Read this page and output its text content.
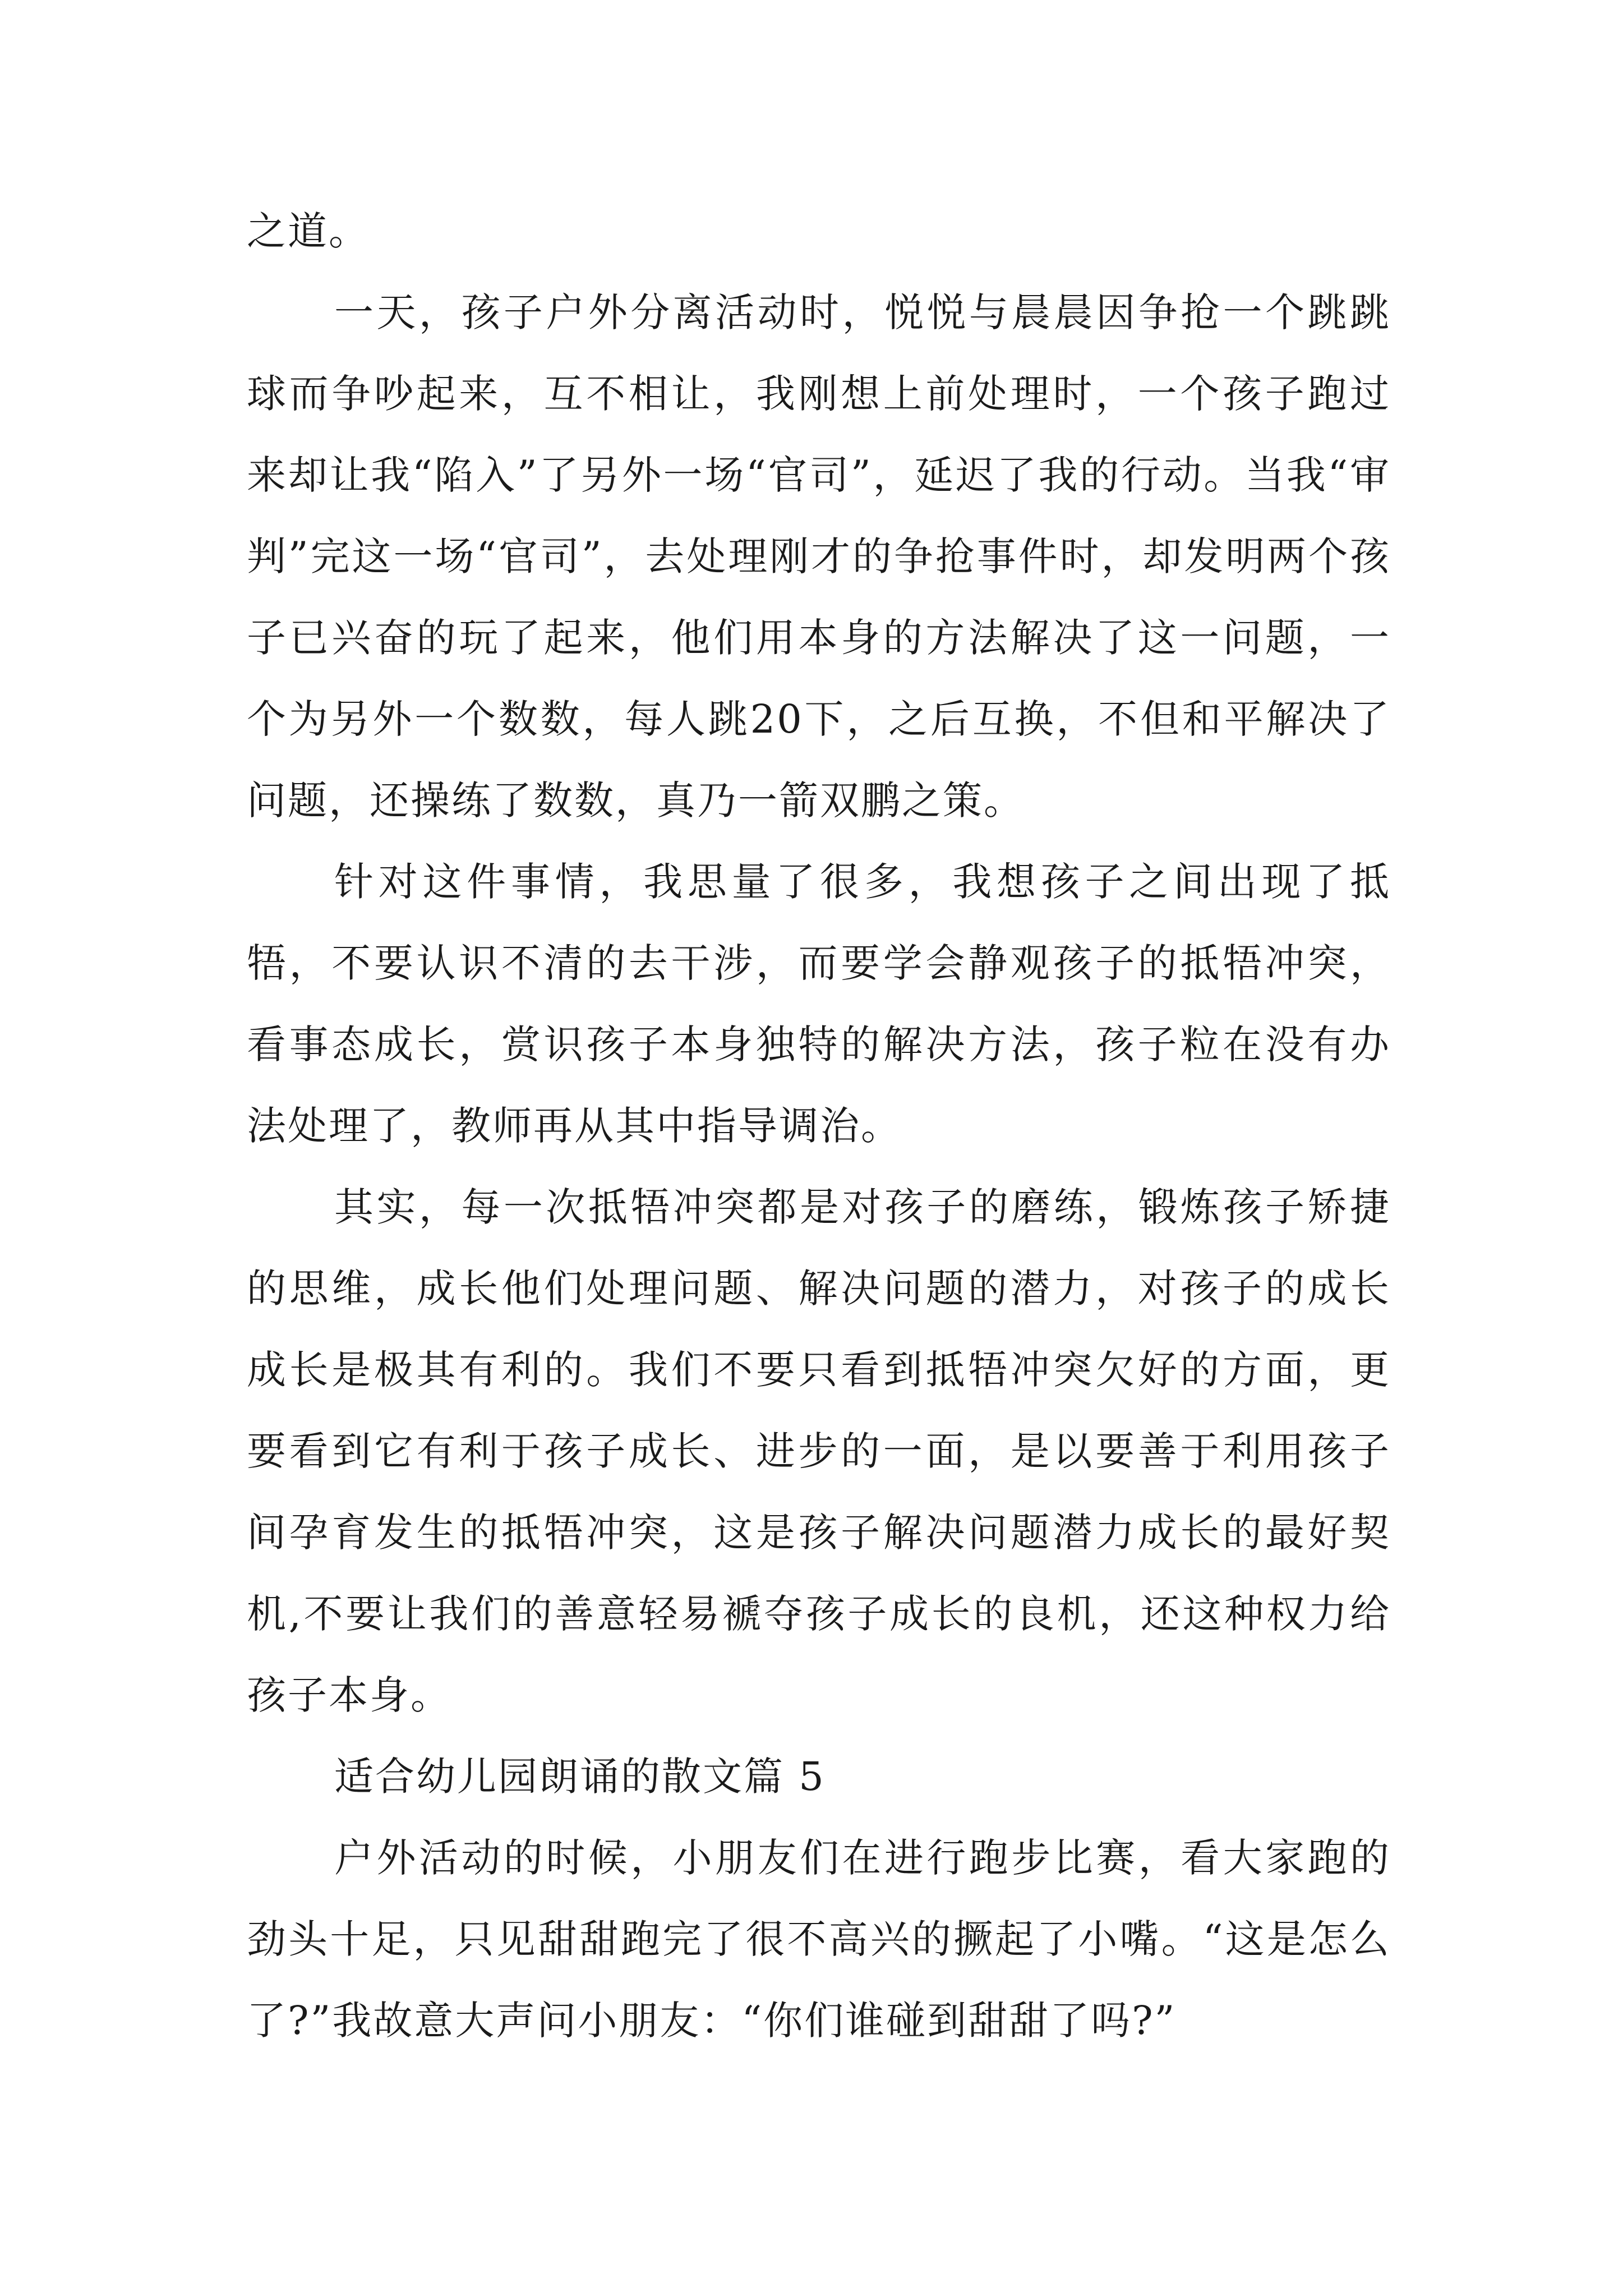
之道。

一天，孩子户外分离活动时，悦悦与晨晨因争抢一个跳跳球而争吵起来，互不相让，我刚想上前处理时，一个孩子跑过来却让我“陷入”了另外一场“官司”，延迟了我的行动。当我“审判”完这一场“官司”，去处理刚才的争抢事件时，却发明两个孩子已兴奋的玩了起来，他们用本身的方法解决了这一问题，一个为另外一个数数，每人跳20下，之后互换，不但和平解决了问题，还操练了数数，真乃一箭双鹏之策。

针对这件事情，我思量了很多，我想孩子之间出现了抵牾，不要认识不清的去干涉，而要学会静观孩子的抵牾冲突，看事态成长，赏识孩子本身独特的解决方法，孩子粒在没有办法处理了，教师再从其中指导调治。

其实，每一次抵牾冲突都是对孩子的磨练，锻炼孩子矫捷的思维，成长他们处理问题、解决问题的潜力，对孩子的成长成长是极其有利的。我们不要只看到抵牾冲突欠好的方面，更要看到它有利于孩子成长、进步的一面，是以要善于利用孩子间孕育发生的抵牾冲突，这是孩子解决问题潜力成长的最好契机,不要让我们的善意轻易褫夺孩子成长的良机，还这种权力给孩子本身。

适合幼儿园朗诵的散文篇 5

户外活动的时候，小朋友们在进行跑步比赛，看大家跑的劲头十足，只见甜甜跑完了很不高兴的撅起了小嘴。“这是怎么了?”我故意大声问小朋友：“你们谁碰到甜甜了吗?”
